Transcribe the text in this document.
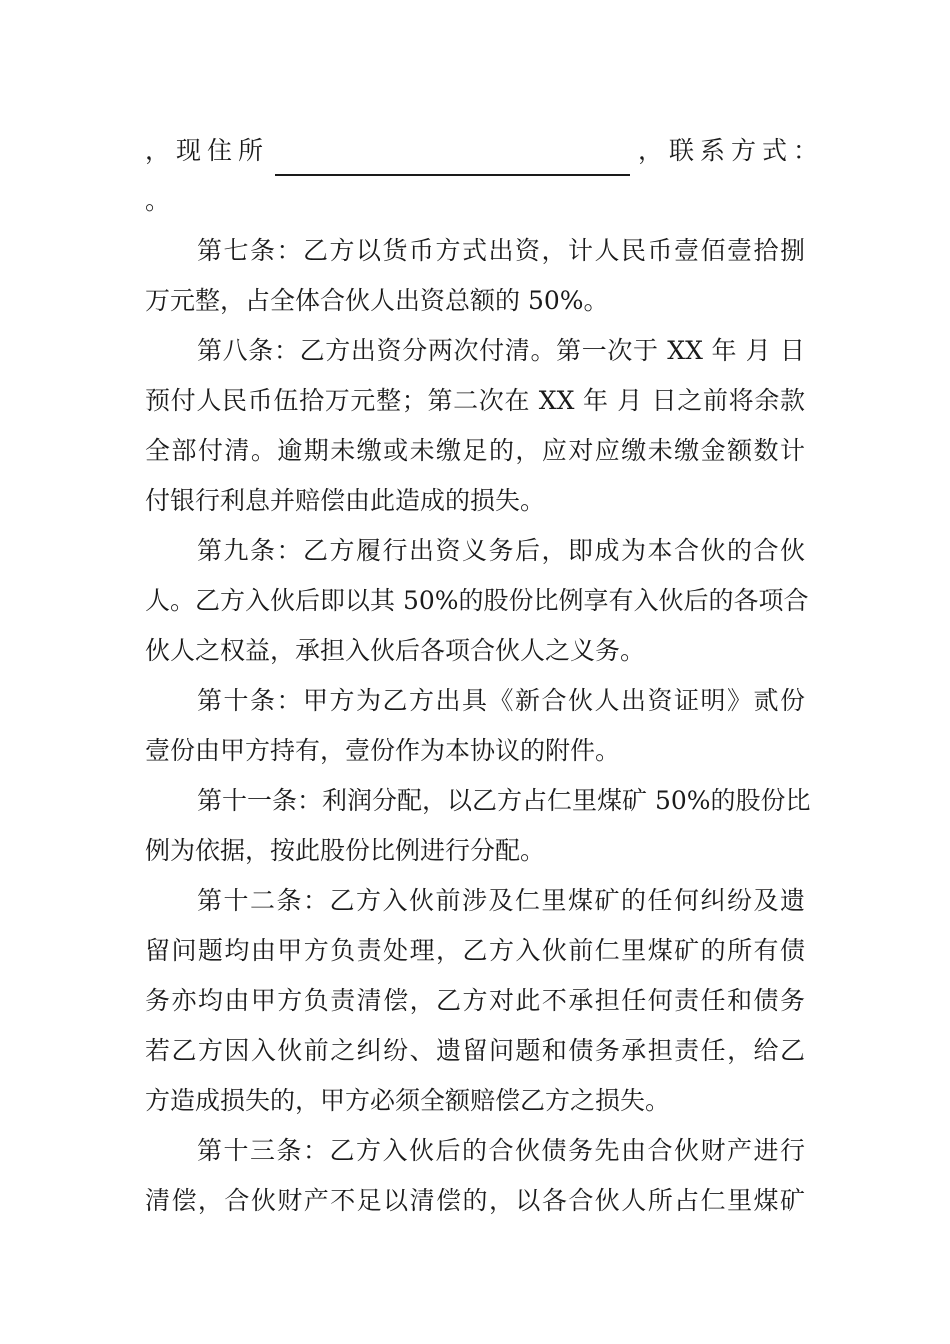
，现住所	，联系方式：
。
第七条：乙方以货币方式出资，计人民币壹佰壹拾捌
万元整，占全体合伙人出资总额的 50%。
第八条：乙方出资分两次付清。第一次于 XX 年 月 日
预付人民币伍拾万元整；第二次在 XX 年 月 日之前将余款
全部付清。逾期未缴或未缴足的，应对应缴未缴金额数计
付银行利息并赔偿由此造成的损失。
第九条：乙方履行出资义务后，即成为本合伙的合伙
人。乙方入伙后即以其 50%的股份比例享有入伙后的各项合
伙人之权益，承担入伙后各项合伙人之义务。
第十条：甲方为乙方出具《新合伙人出资证明》贰份
壹份由甲方持有，壹份作为本协议的附件。
第十一条：利润分配，以乙方占仁里煤矿 50%的股份比
例为依据，按此股份比例进行分配。
第十二条：乙方入伙前涉及仁里煤矿的任何纠纷及遗
留问题均由甲方负责处理，乙方入伙前仁里煤矿的所有债
务亦均由甲方负责清偿，乙方对此不承担任何责任和债务
若乙方因入伙前之纠纷、遗留问题和债务承担责任，给乙
方造成损失的，甲方必须全额赔偿乙方之损失。
第十三条：乙方入伙后的合伙债务先由合伙财产进行
清偿，合伙财产不足以清偿的，以各合伙人所占仁里煤矿
